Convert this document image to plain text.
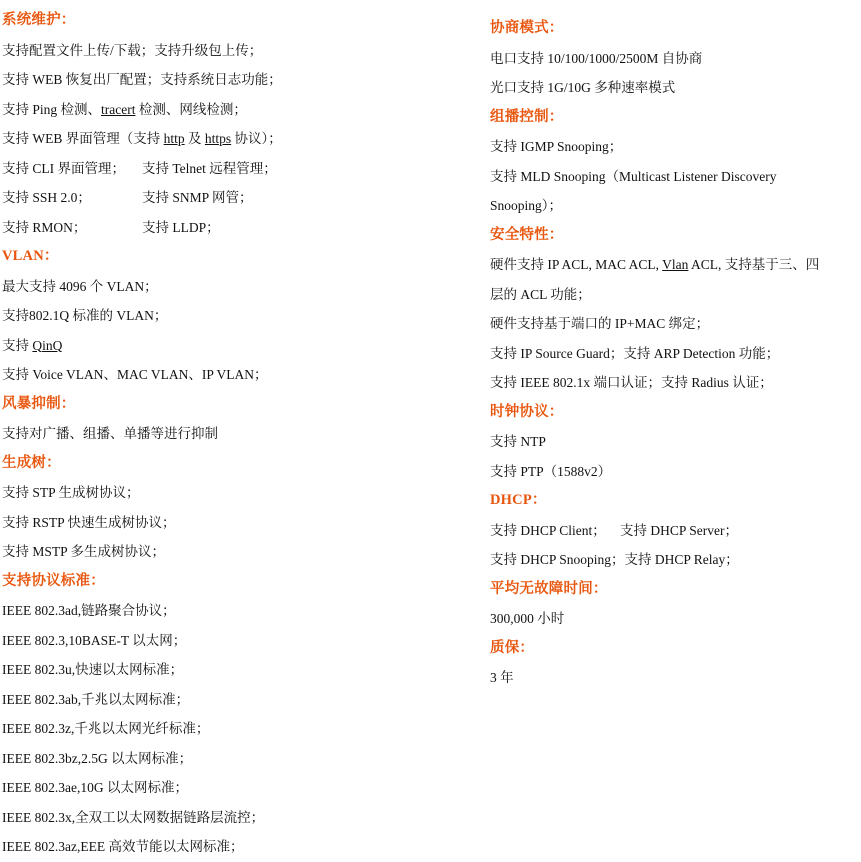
系统维护：
支持配置文件上传/下载；支持升级包上传；
支持 WEB 恢复出厂配置；支持系统日志功能；
支持 Ping 检测、tracert 检测、网线检测；
支持 WEB 界面管理（支持 http 及 https 协议）；
支持 CLI 界面管理； 支持 Telnet 远程管理；
支持 SSH 2.0；	支持 SNMP 网管；
支持 RMON；	支持 LLDP；
VLAN：
最大支持 4096 个 VLAN；
支持802.1Q 标准的 VLAN；
支持 QinQ
支持 Voice VLAN、MAC VLAN、IP VLAN；
风暴抑制：
支持对广播、组播、单播等进行抑制
生成树：
支持 STP 生成树协议；
支持 RSTP 快速生成树协议；
支持 MSTP 多生成树协议；
支持协议标准：
IEEE 802.3ad,链路聚合协议；
IEEE 802.3,10BASE-T 以太网；
IEEE 802.3u,快速以太网标准；
IEEE 802.3ab,千兆以太网标准；
IEEE 802.3z,千兆以太网光纤标准；
IEEE 802.3bz,2.5G 以太网标准；
IEEE 802.3ae,10G 以太网标准；
IEEE 802.3x,全双工以太网数据链路层流控；
IEEE 802.3az,EEE 高效节能以太网标准；
协商模式：
电口支持 10/100/1000/2500M 自协商
光口支持 1G/10G 多种速率模式
组播控制：
支持 IGMP Snooping；
支持 MLD Snooping（Multicast Listener Discovery
Snooping）；
安全特性：
硬件支持 IP ACL, MAC ACL, Vlan ACL, 支持基于三、四
层的 ACL 功能；
硬件支持基于端口的 IP+MAC 绑定；
支持 IP Source Guard；支持 ARP Detection 功能；
支持 IEEE 802.1x 端口认证；支持 Radius 认证；
时钟协议：
支持 NTP
支持 PTP（1588v2）
DHCP：
支持 DHCP Client； 支持 DHCP Server；
支持 DHCP Snooping；支持 DHCP Relay；
平均无故障时间：
300,000 小时
质保：
3 年
